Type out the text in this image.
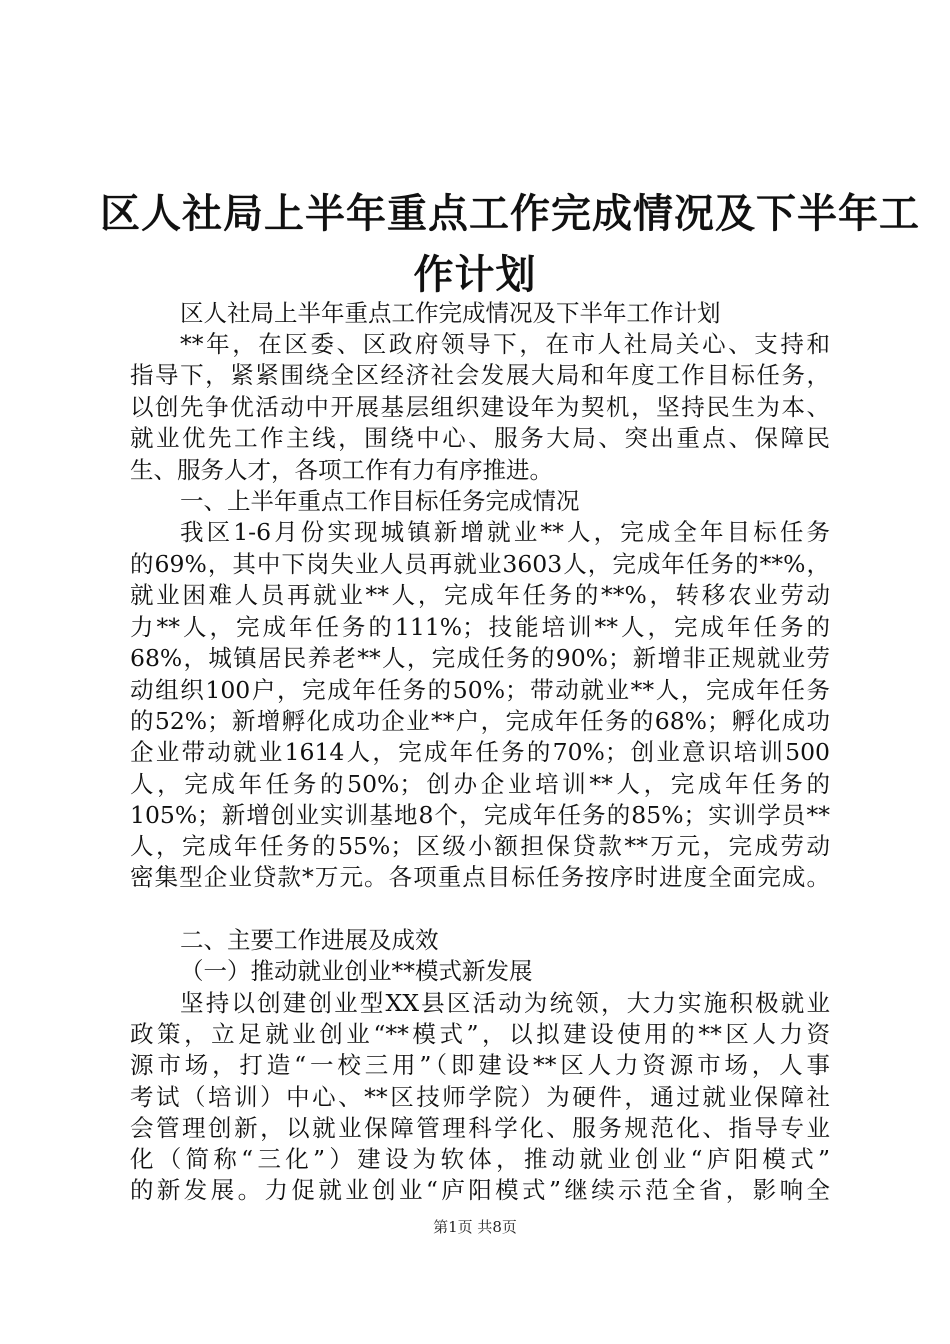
区人社局上半年重点工作完成情况及下半年工
作计划
区人社局上半年重点工作完成情况及下半年工作计划
**年，在区委、区政府领导下，在市人社局关心、支持和
指导下，紧紧围绕全区经济社会发展大局和年度工作目标任务，
以创先争优活动中开展基层组织建设年为契机，坚持民生为本、
就业优先工作主线，围绕中心、服务大局、突出重点、保障民
生、服务人才，各项工作有力有序推进。
一、上半年重点工作目标任务完成情况
我区1-6月份实现城镇新增就业**人，完成全年目标任务
的69%，其中下岗失业人员再就业3603人，完成年任务的**%，
就业困难人员再就业**人，完成年任务的**%，转移农业劳动
力**人，完成年任务的111%；技能培训**人，完成年任务的
68%，城镇居民养老**人，完成任务的90%；新增非正规就业劳
动组织100户，完成年任务的50%；带动就业**人，完成年任务
的52%；新增孵化成功企业**户，完成年任务的68%；孵化成功
企业带动就业1614人，完成年任务的70%；创业意识培训500
人，完成年任务的50%；创办企业培训**人，完成年任务的
105%；新增创业实训基地8个，完成年任务的85%；实训学员**
人，完成年任务的55%；区级小额担保贷款**万元，完成劳动
密集型企业贷款*万元。各项重点目标任务按序时进度全面完成。
二、主要工作进展及成效
（一）推动就业创业**模式新发展
坚持以创建创业型XX县区活动为统领，大力实施积极就业
政策，立足就业创业“**模式”，以拟建设使用的**区人力资
源市场，打造“一校三用”（即建设**区人力资源市场，人事
考试（培训）中心、**区技师学院）为硬件，通过就业保障社
会管理创新，以就业保障管理科学化、服务规范化、指导专业
化（简称“三化”）建设为软体，推动就业创业“庐阳模式”
的新发展。力促就业创业“庐阳模式”继续示范全省，影响全
第1页 共8页
